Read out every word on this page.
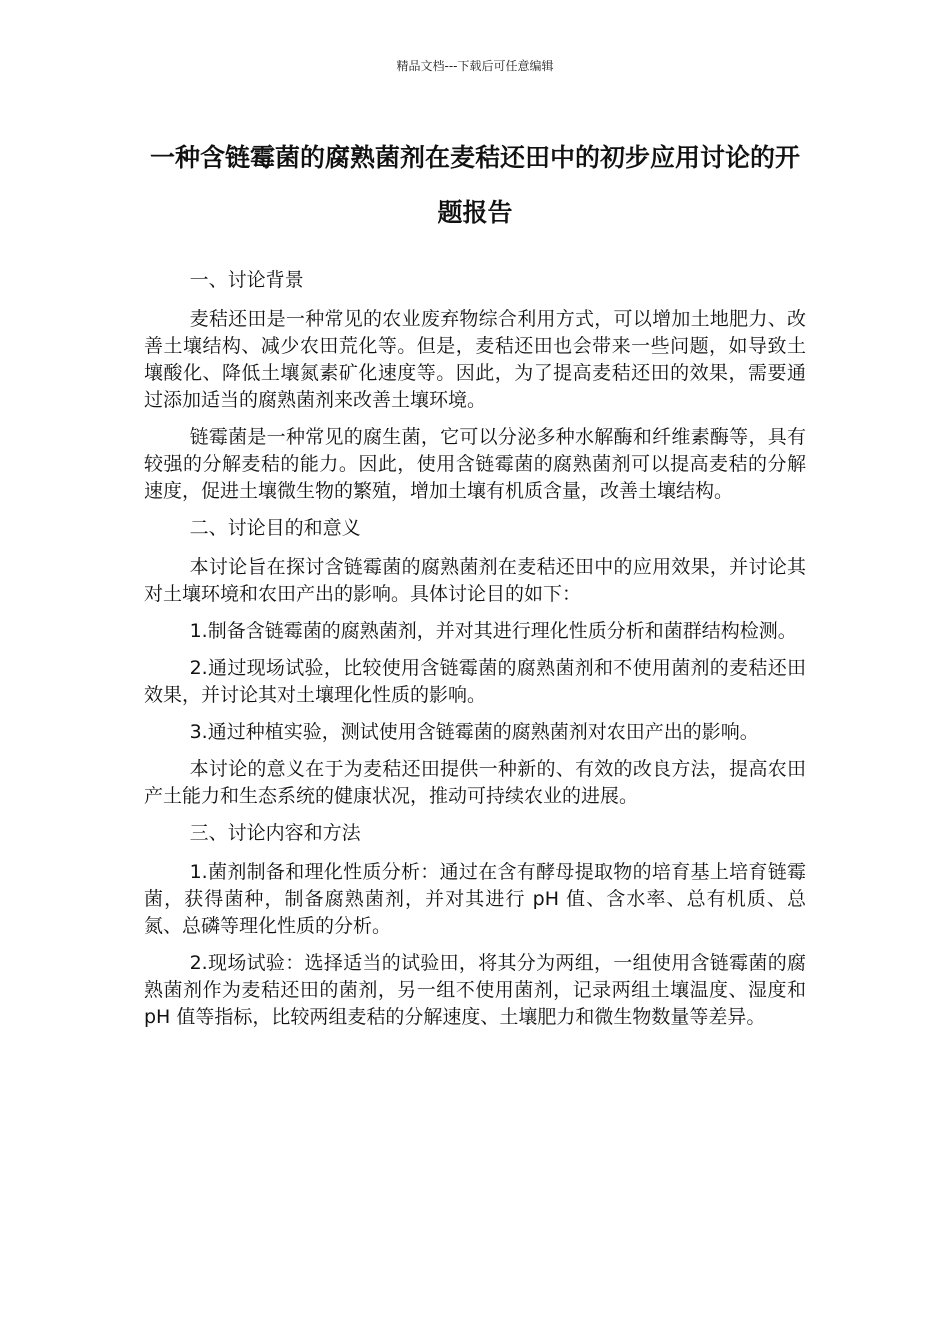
精品文档---下载后可任意编辑
一种含链霉菌的腐熟菌剂在麦秸还田中的初步应用讨论的开题报告

一、讨论背景

麦秸还田是一种常见的农业废弃物综合利用方式，可以增加土地肥力、改善土壤结构、减少农田荒化等。但是，麦秸还田也会带来一些问题，如导致土壤酸化、降低土壤氮素矿化速度等。因此，为了提高麦秸还田的效果，需要通过添加适当的腐熟菌剂来改善土壤环境。

链霉菌是一种常见的腐生菌，它可以分泌多种水解酶和纤维素酶等，具有较强的分解麦秸的能力。因此，使用含链霉菌的腐熟菌剂可以提高麦秸的分解速度，促进土壤微生物的繁殖，增加土壤有机质含量，改善土壤结构。

二、讨论目的和意义

本讨论旨在探讨含链霉菌的腐熟菌剂在麦秸还田中的应用效果，并讨论其对土壤环境和农田产出的影响。具体讨论目的如下：

1.制备含链霉菌的腐熟菌剂，并对其进行理化性质分析和菌群结构检测。

2.通过现场试验，比较使用含链霉菌的腐熟菌剂和不使用菌剂的麦秸还田效果，并讨论其对土壤理化性质的影响。

3.通过种植实验，测试使用含链霉菌的腐熟菌剂对农田产出的影响。

本讨论的意义在于为麦秸还田提供一种新的、有效的改良方法，提高农田产土能力和生态系统的健康状况，推动可持续农业的进展。

三、讨论内容和方法

1.菌剂制备和理化性质分析：通过在含有酵母提取物的培育基上培育链霉菌，获得菌种，制备腐熟菌剂，并对其进行 pH 值、含水率、总有机质、总氮、总磷等理化性质的分析。

2.现场试验：选择适当的试验田，将其分为两组，一组使用含链霉菌的腐熟菌剂作为麦秸还田的菌剂，另一组不使用菌剂，记录两组土壤温度、湿度和 pH 值等指标，比较两组麦秸的分解速度、土壤肥力和微生物数量等差异。
